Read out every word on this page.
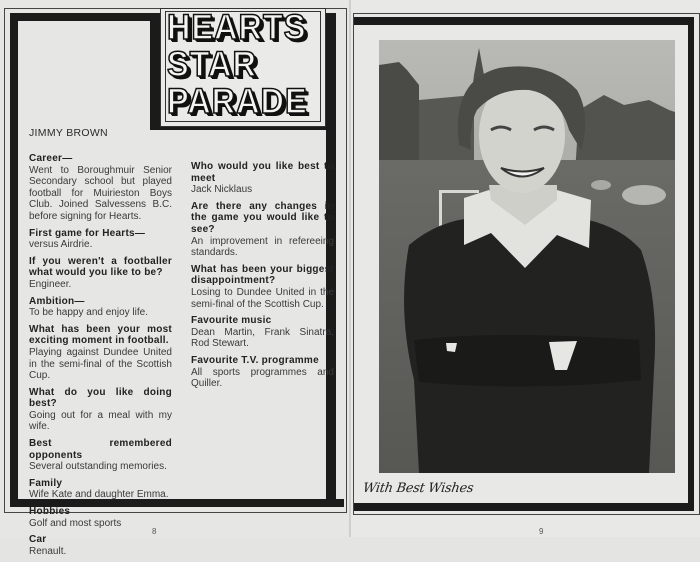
HEARTS
STAR
PARADE
JIMMY BROWN
Career—
Went to Boroughmuir Senior Secondary school but played football for Muirieston Boys Club. Joined Salvessens B.C. before signing for Hearts.
First game for Hearts—
versus Airdrie.
If you weren't a footballer what would you like to be?
Engineer.
Ambition—
To be happy and enjoy life.
What has been your most exciting moment in football.
Playing against Dundee United in the semi-final of the Scottish Cup.
What do you like doing best?
Going out for a meal with my wife.
Best remembered opponents
Several outstanding memories.
Family
Wife Kate and daughter Emma.
Hobbies
Golf and most sports
Car
Renault.
Who would you like best to meet
Jack Nicklaus
Are there any changes in the game you would like to see?
An improvement in refereeing standards.
What has been your biggest disappointment?
Losing to Dundee United in the semi-final of the Scottish Cup.
Favourite music
Dean Martin, Frank Sinatra, Rod Stewart.
Favourite T.V. programme
All sports programmes and Quiller.
8
With Best Wishes
9
